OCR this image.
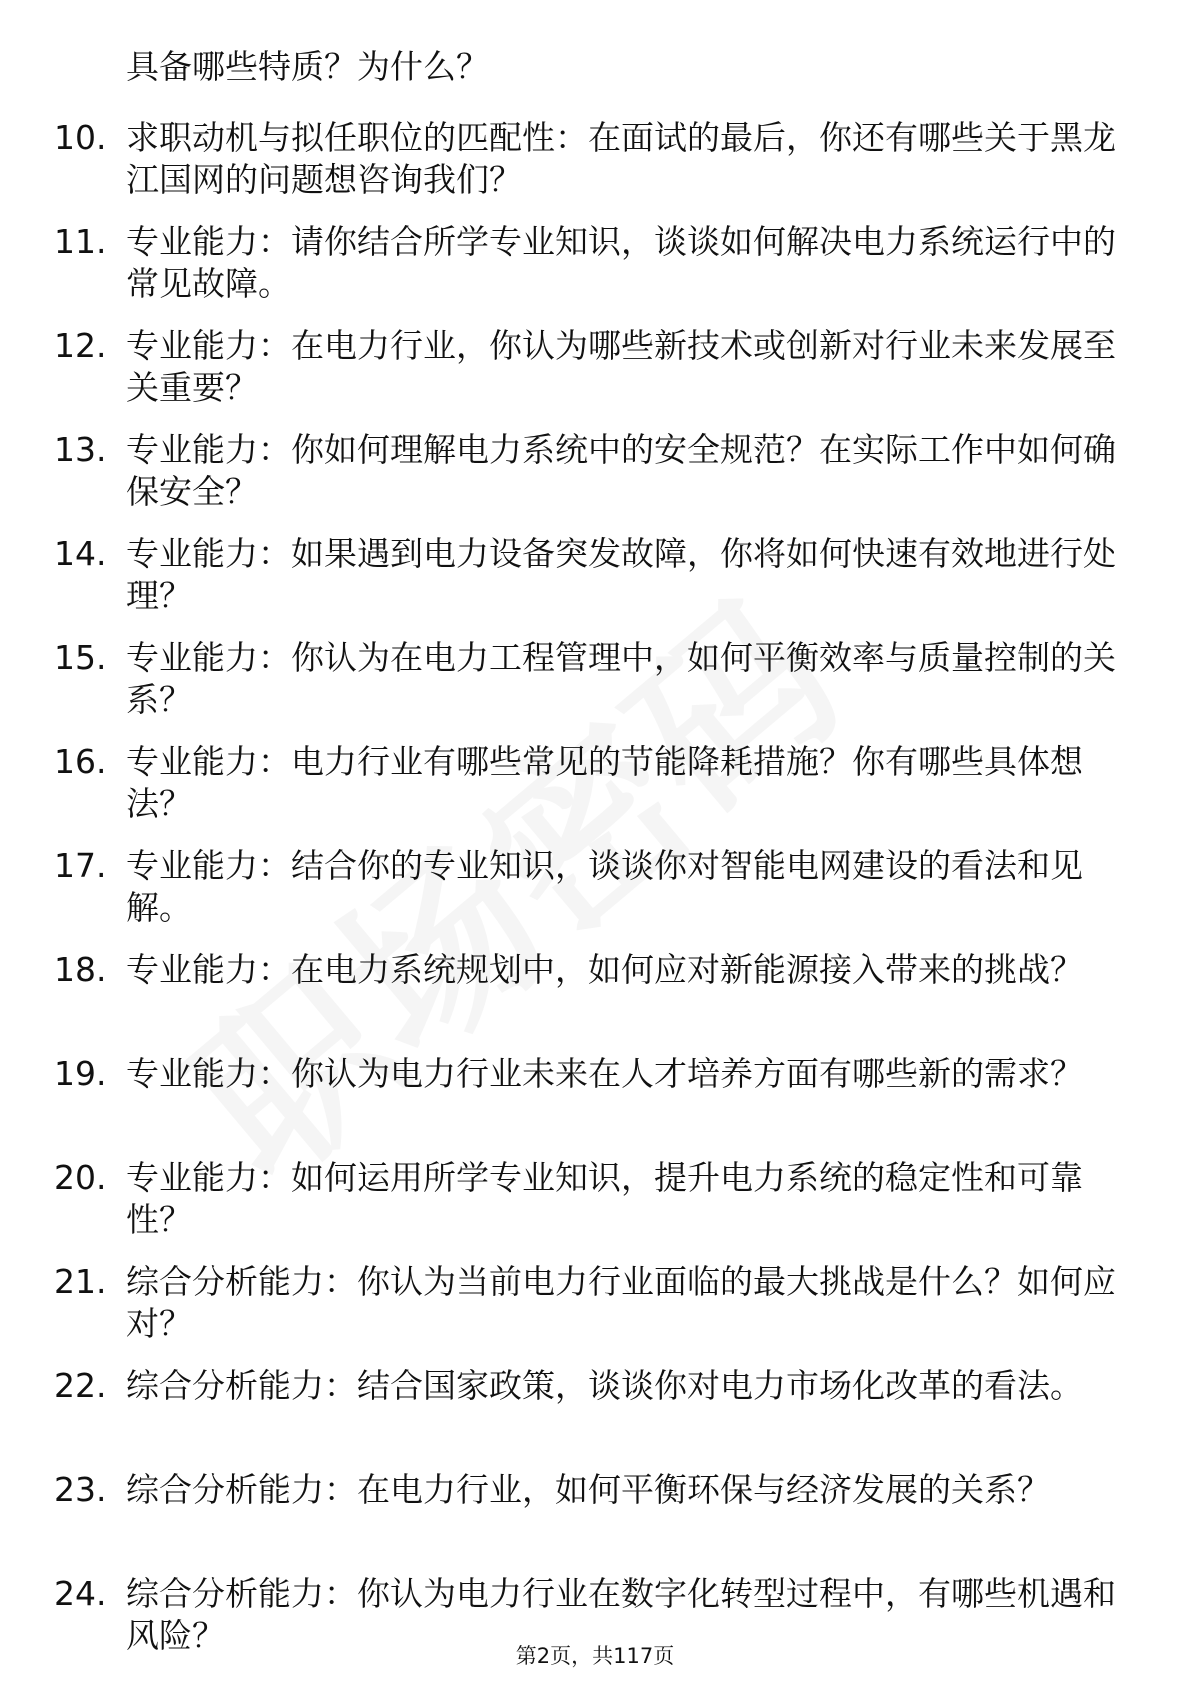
具备哪些特质？为什么？

10. 求职动机与拟任职位的匹配性：在面试的最后，你还有哪些关于黑龙江国网的问题想咨询我们？
11. 专业能力：请你结合所学专业知识，谈谈如何解决电力系统运行中的常见故障。
12. 专业能力：在电力行业，你认为哪些新技术或创新对行业未来发展至关重要？
13. 专业能力：你如何理解电力系统中的安全规范？在实际工作中如何确保安全？
14. 专业能力：如果遇到电力设备突发故障，你将如何快速有效地进行处理？
15. 专业能力：你认为在电力工程管理中，如何平衡效率与质量控制的关系？
16. 专业能力：电力行业有哪些常见的节能降耗措施？你有哪些具体想法？
17. 专业能力：结合你的专业知识，谈谈你对智能电网建设的看法和见解。
18. 专业能力：在电力系统规划中，如何应对新能源接入带来的挑战？
19. 专业能力：你认为电力行业未来在人才培养方面有哪些新的需求？
20. 专业能力：如何运用所学专业知识，提升电力系统的稳定性和可靠性？
21. 综合分析能力：你认为当前电力行业面临的最大挑战是什么？如何应对？
22. 综合分析能力：结合国家政策，谈谈你对电力市场化改革的看法。
23. 综合分析能力：在电力行业，如何平衡环保与经济发展的关系？
24. 综合分析能力：你认为电力行业在数字化转型过程中，有哪些机遇和风险？
第2页，共117页
